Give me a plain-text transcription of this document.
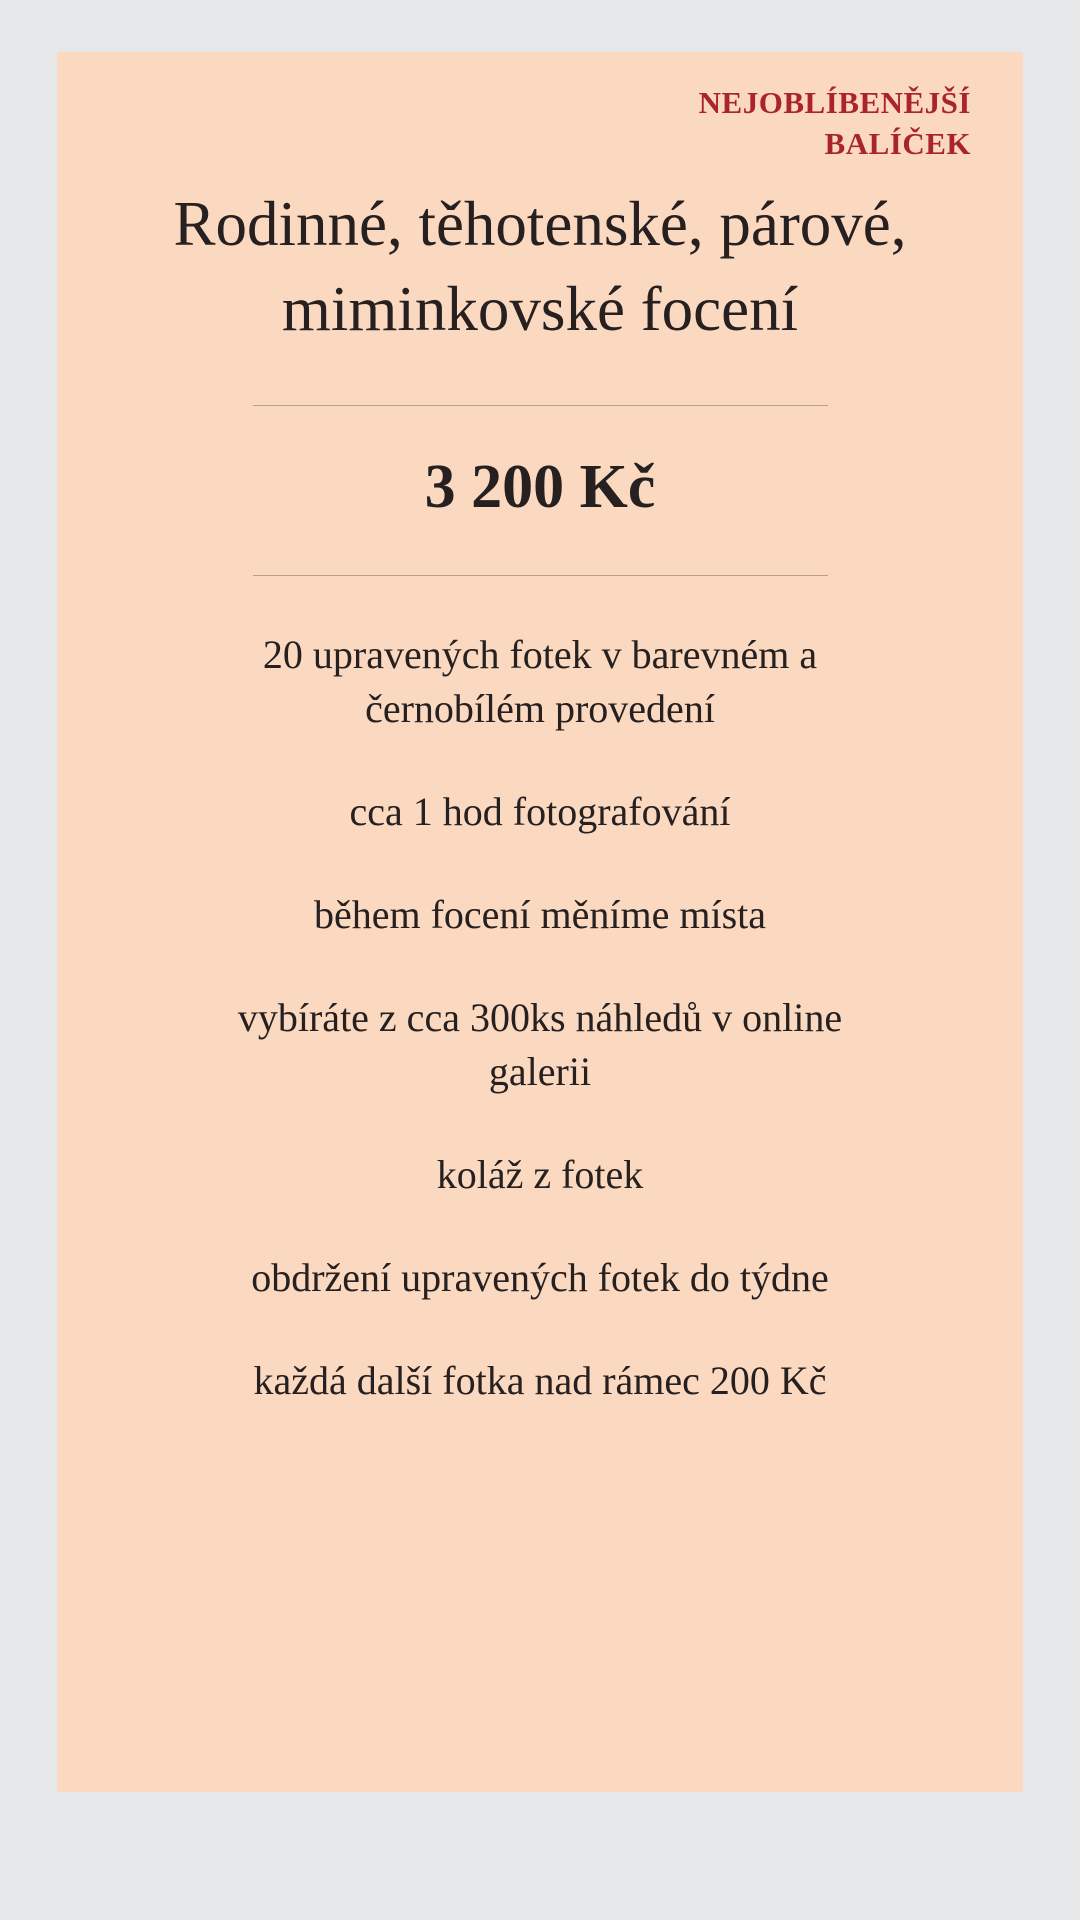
NEJOBLÍBENĚJŠÍ BALÍČEK
Rodinné, těhotenské, párové, miminkovské focení
3 200 Kč
20 upravených fotek v barevném a černobílém provedení
cca 1 hod fotografování
během focení měníme místa
vybíráte z cca 300ks náhledů v online galerii
koláž z fotek
obdržení upravených fotek do týdne
každá další fotka nad rámec 200 Kč
